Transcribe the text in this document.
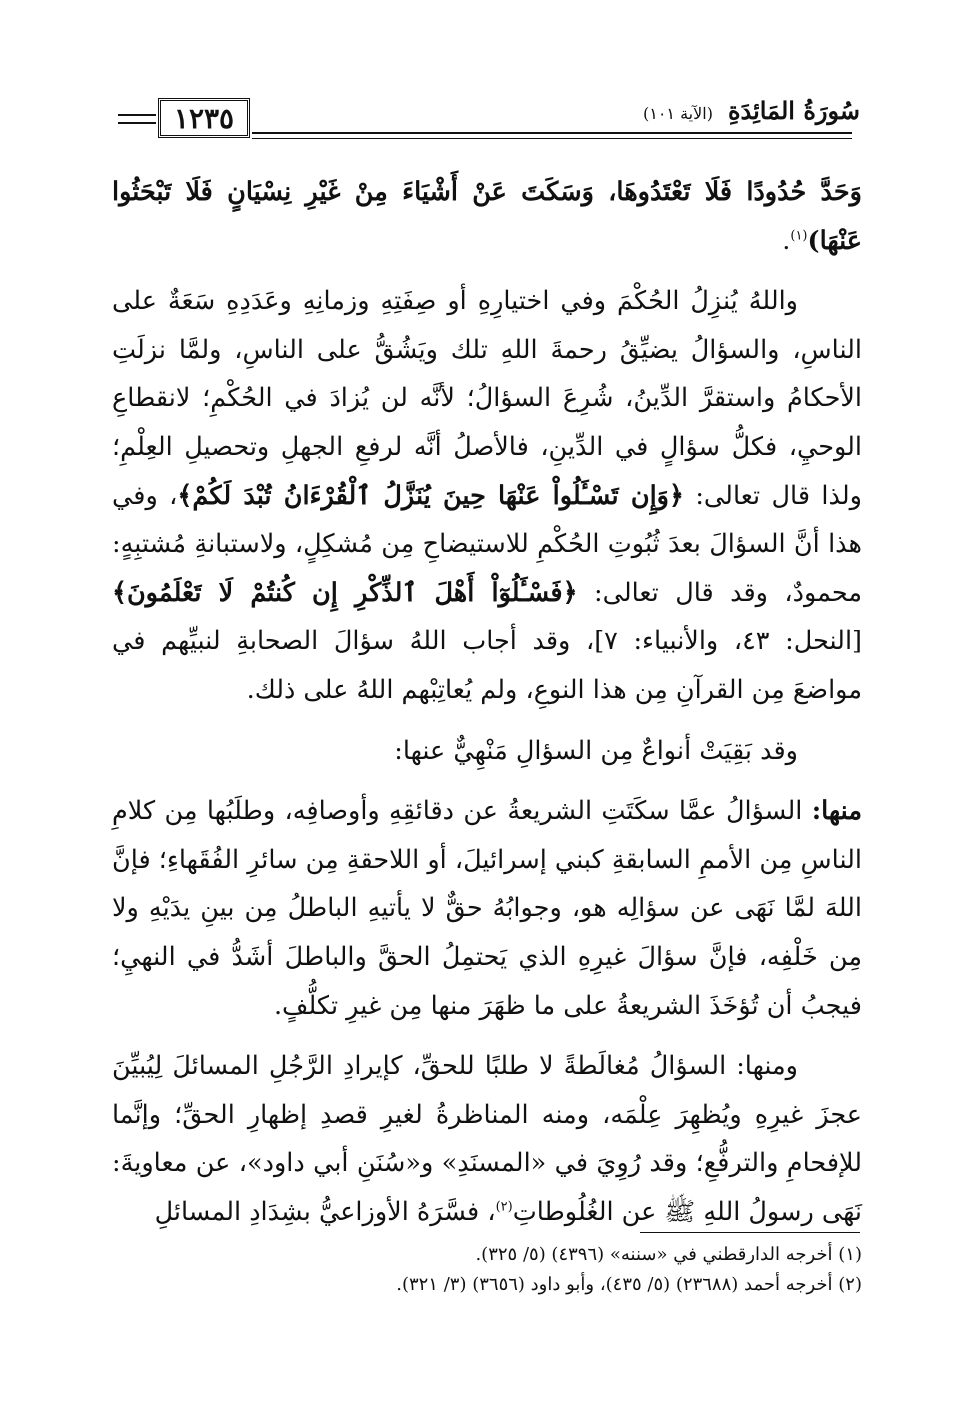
١٢٣٥	سُورَةُ المَائِدَةِ (الآية ١٠١)

وَحَدَّ حُدُودًا فَلَا تَعْتَدُوهَا، وَسَكَتَ عَنْ أَشْيَاءَ مِنْ غَيْرِ نِسْيَانٍ فَلَا تَبْحَثُوا عَنْهَا)$^{(١)}$.

واللهُ يُنزِلُ الحُكْمَ وفي اختيارِهِ أو صِفَتِهِ وزمانِهِ وعَدَدِهِ سَعَةٌ على الناسِ، والسؤالُ يضيِّقُ رحمةَ اللهِ تلك ويَشُقُّ على الناسِ، ولمَّا نزلَتِ الأحكامُ واستقرَّ الدِّينُ، شُرِعَ السؤالُ؛ لأنَّه لن يُزادَ في الحُكْمِ؛ لانقطاعِ الوحيِ، فكلُّ سؤالٍ في الدِّينِ، فالأصلُ أنَّه لرفعِ الجهلِ وتحصيلِ العِلْمِ؛ ولذا قال تعالى: ﴿وَإِن تَسْـَٔلُواْ عَنْهَا حِينَ يُنَزَّلُ ٱلْقُرْءَانُ تُبْدَ لَكُمْ﴾، وفي هذا أنَّ السؤالَ بعدَ ثُبُوتِ الحُكْمِ للاستيضاحِ مِن مُشكِلٍ، ولاستبانةِ مُشتبِهٍ: محمودٌ، وقد قال تعالى: ﴿فَسْـَٔلُوٓاْ أَهْلَ ٱلذِّكْرِ إِن كُنتُمْ لَا تَعْلَمُونَ﴾ [النحل: ٤٣، والأنبياء: ٧]، وقد أجاب اللهُ سؤالَ الصحابةِ لنبيِّهم في مواضعَ مِن القرآنِ مِن هذا النوعِ، ولم يُعاتِبْهم اللهُ على ذلك.

وقد بَقِيَتْ أنواعٌ مِن السؤالِ مَنْهِيٌّ عنها:

منها: السؤالُ عمَّا سكَتَتِ الشريعةُ عن دقائقِهِ وأوصافِه، وطلَبُها مِن كلامِ الناسِ مِن الأممِ السابقةِ كبني إسرائيلَ، أو اللاحقةِ مِن سائرِ الفُقَهاءِ؛ فإنَّ اللهَ لمَّا نَهَى عن سؤالِه هو، وجوابُهُ حقٌّ لا يأتيهِ الباطلُ مِن بينِ يدَيْهِ ولا مِن خَلْفِه، فإنَّ سؤالَ غيرِهِ الذي يَحتمِلُ الحقَّ والباطلَ أشَدُّ في النهيِ؛ فيجبُ أن تُؤخَذَ الشريعةُ على ما ظهَرَ منها مِن غيرِ تكلُّفٍ.

ومنها: السؤالُ مُغالَطةً لا طلبًا للحقِّ، كإيرادِ الرَّجُلِ المسائلَ لِيُبيِّنَ عجزَ غيرِهِ ويُظهِرَ عِلْمَه، ومنه المناظرةُ لغيرِ قصدِ إظهارِ الحقِّ؛ وإنَّما للإفحامِ والترفُّعِ؛ وقد رُوِيَ في «المسنَدِ» و«سُنَنِ أبي داود»، عن معاويةَ: نَهَى رسولُ اللهِ ﷺ عن الغُلُوطاتِ$^{(٢)}$، فسَّرَهُ الأوزاعيُّ بشِدَادِ المسائلِ

(١) أخرجه الدارقطني في «سننه» (٤٣٩٦) (٥/ ٣٢٥).
(٢) أخرجه أحمد (٢٣٦٨٨) (٥/ ٤٣٥)، وأبو داود (٣٦٥٦) (٣/ ٣٢١).
